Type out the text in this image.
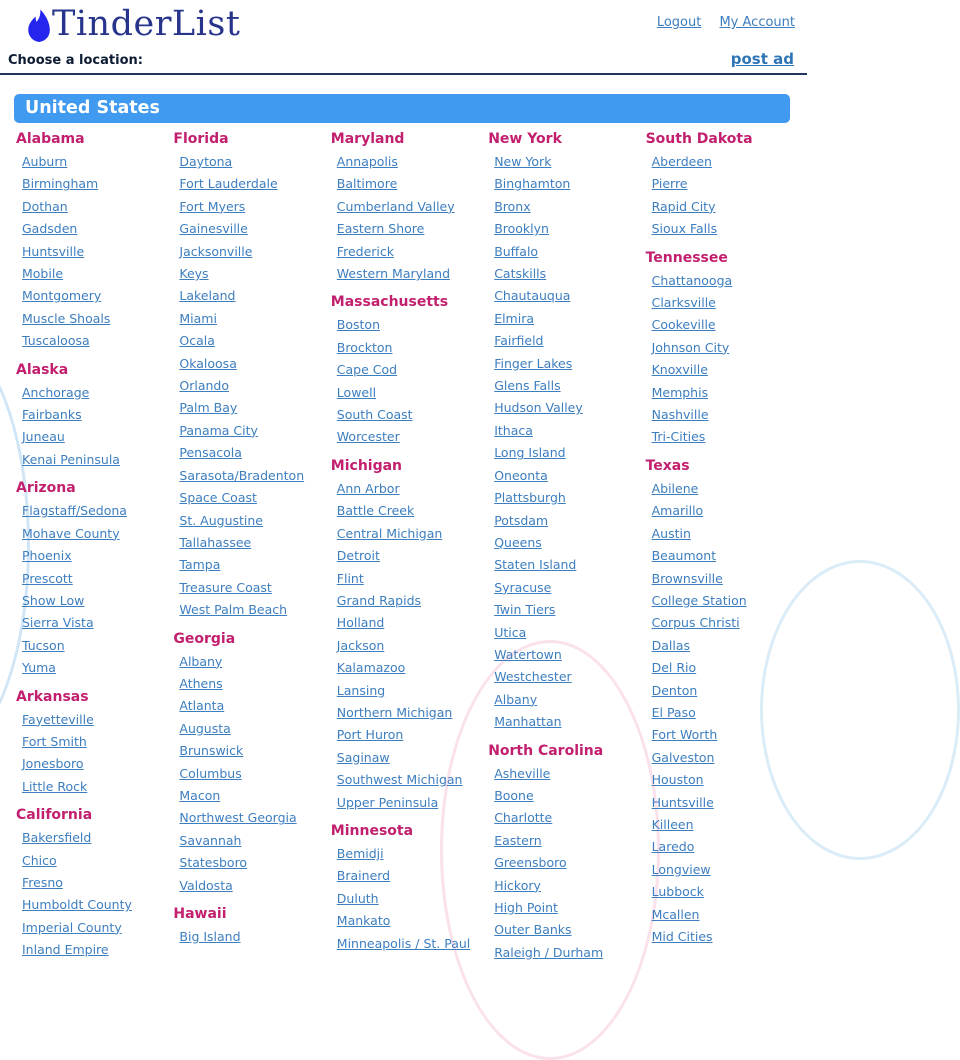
TinderList	Logout My Account
Choose a location:	post ad
United States
Alabama
Auburn
Birmingham
Dothan
Gadsden
Huntsville
Mobile
Montgomery
Muscle Shoals
Tuscaloosa
Alaska
Anchorage
Fairbanks
Juneau
Kenai Peninsula
Arizona
Flagstaff/Sedona
Mohave County
Phoenix
Prescott
Show Low
Sierra Vista
Tucson
Yuma
Arkansas
Fayetteville
Fort Smith
Jonesboro
Little Rock
California
Bakersfield
Chico
Fresno
Humboldt County
Imperial County
Inland Empire
Florida
Daytona
Fort Lauderdale
Fort Myers
Gainesville
Jacksonville
Keys
Lakeland
Miami
Ocala
Okaloosa
Orlando
Palm Bay
Panama City
Pensacola
Sarasota/Bradenton
Space Coast
St. Augustine
Tallahassee
Tampa
Treasure Coast
West Palm Beach
Georgia
Albany
Athens
Atlanta
Augusta
Brunswick
Columbus
Macon
Northwest Georgia
Savannah
Statesboro
Valdosta
Hawaii
Big Island
Maryland
Annapolis
Baltimore
Cumberland Valley
Eastern Shore
Frederick
Western Maryland
Massachusetts
Boston
Brockton
Cape Cod
Lowell
South Coast
Worcester
Michigan
Ann Arbor
Battle Creek
Central Michigan
Detroit
Flint
Grand Rapids
Holland
Jackson
Kalamazoo
Lansing
Northern Michigan
Port Huron
Saginaw
Southwest Michigan
Upper Peninsula
Minnesota
Bemidji
Brainerd
Duluth
Mankato
Minneapolis / St. Paul
New York
New York
Binghamton
Bronx
Brooklyn
Buffalo
Catskills
Chautauqua
Elmira
Fairfield
Finger Lakes
Glens Falls
Hudson Valley
Ithaca
Long Island
Oneonta
Plattsburgh
Potsdam
Queens
Staten Island
Syracuse
Twin Tiers
Utica
Watertown
Westchester
Albany
Manhattan
North Carolina
Asheville
Boone
Charlotte
Eastern
Greensboro
Hickory
High Point
Outer Banks
Raleigh / Durham
South Dakota
Aberdeen
Pierre
Rapid City
Sioux Falls
Tennessee
Chattanooga
Clarksville
Cookeville
Johnson City
Knoxville
Memphis
Nashville
Tri-Cities
Texas
Abilene
Amarillo
Austin
Beaumont
Brownsville
College Station
Corpus Christi
Dallas
Del Rio
Denton
El Paso
Fort Worth
Galveston
Houston
Huntsville
Killeen
Laredo
Longview
Lubbock
Mcallen
Mid Cities
